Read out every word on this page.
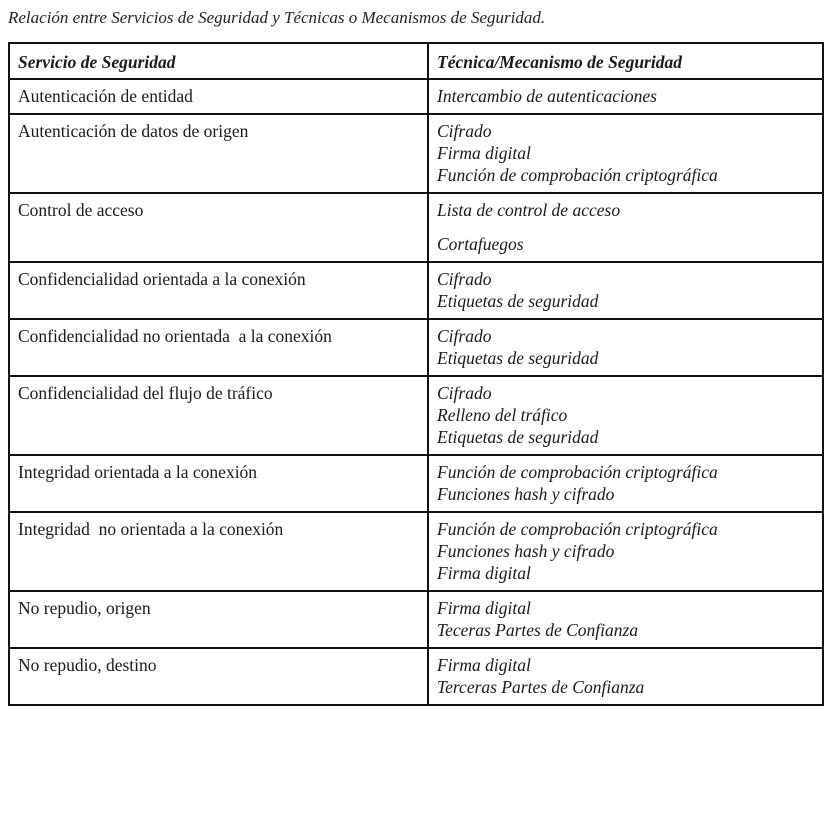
Relación entre Servicios de Seguridad y Técnicas o Mecanismos de Seguridad.
Servicio de Seguridad	Técnica/Mecanismo de Seguridad
Autenticación de entidad	Intercambio de autenticaciones

Autenticación de datos de origen	Cifrado
Firma digital
Función de comprobación criptográfica

Control de acceso	Lista de control de acceso
Cortafuegos

Confidencialidad orientada a la conexión	Cifrado
Etiquetas de seguridad

Confidencialidad no orientada  a la conexión	Cifrado
Etiquetas de seguridad

Confidencialidad del flujo de tráfico	Cifrado
Relleno del tráfico
Etiquetas de seguridad

Integridad orientada a la conexión	Función de comprobación criptográfica
Funciones hash y cifrado

Integridad  no orientada a la conexión	Función de comprobación criptográfica
Funciones hash y cifrado
Firma digital

No repudio, origen	Firma digital
Teceras Partes de Confianza

No repudio, destino	Firma digital
Terceras Partes de Confianza
